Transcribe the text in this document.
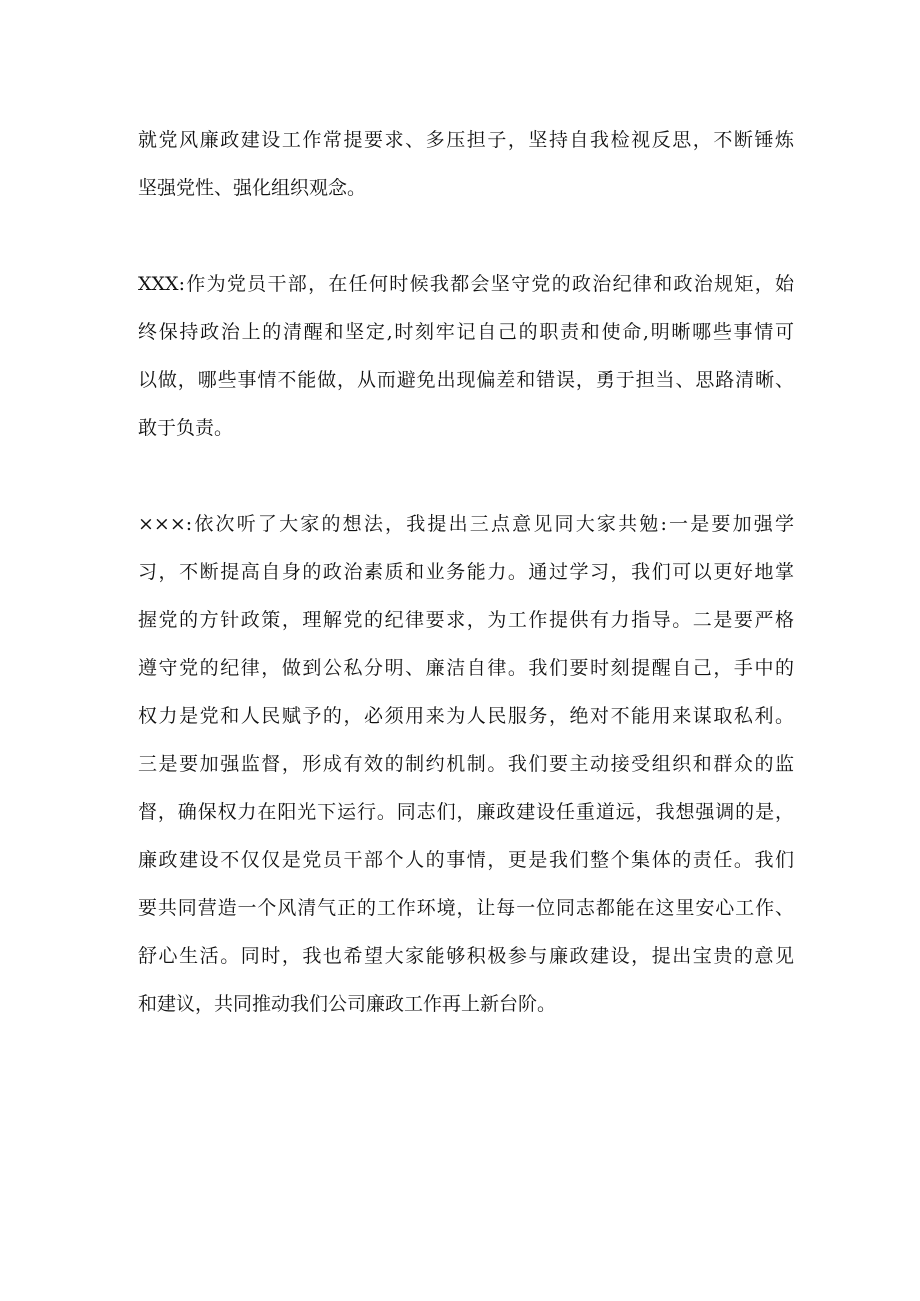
就党风廉政建设工作常提要求、多压担子，坚持自我检视反思，不断锤炼
坚强党性、强化组织观念。
XXX:作为党员干部，在任何时候我都会坚守党的政治纪律和政治规矩，始
终保持政治上的清醒和坚定,时刻牢记自己的职责和使命,明晰哪些事情可
以做，哪些事情不能做，从而避免出现偏差和错误，勇于担当、思路清晰、
敢于负责。
×××:依次听了大家的想法，我提出三点意见同大家共勉:一是要加强学
习，不断提高自身的政治素质和业务能力。通过学习，我们可以更好地掌
握党的方针政策，理解党的纪律要求，为工作提供有力指导。二是要严格
遵守党的纪律，做到公私分明、廉洁自律。我们要时刻提醒自己，手中的
权力是党和人民赋予的，必须用来为人民服务，绝对不能用来谋取私利。
三是要加强监督，形成有效的制约机制。我们要主动接受组织和群众的监
督，确保权力在阳光下运行。同志们，廉政建设任重道远，我想强调的是，
廉政建设不仅仅是党员干部个人的事情，更是我们整个集体的责任。我们
要共同营造一个风清气正的工作环境，让每一位同志都能在这里安心工作、
舒心生活。同时，我也希望大家能够积极参与廉政建设，提出宝贵的意见
和建议，共同推动我们公司廉政工作再上新台阶。
